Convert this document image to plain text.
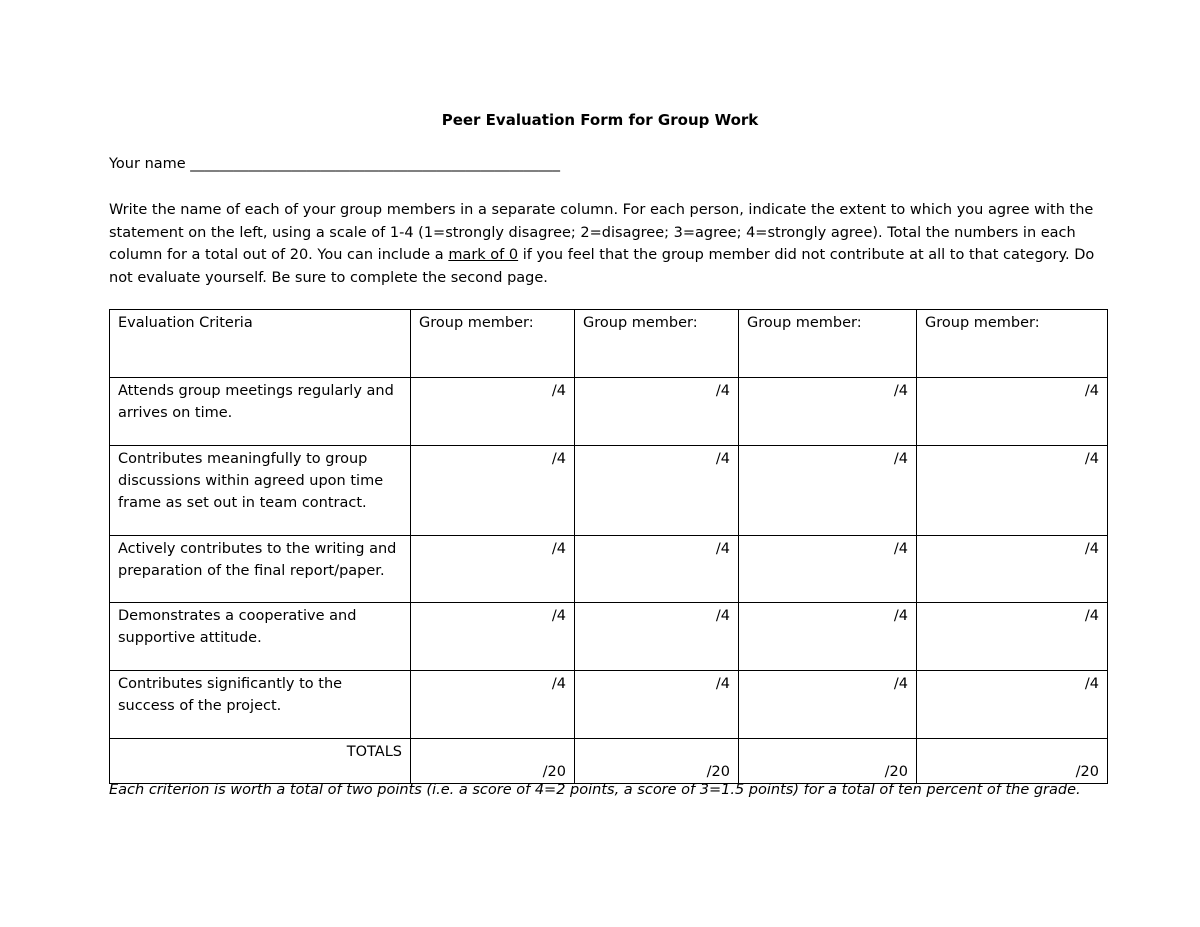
Peer Evaluation Form for Group Work
Your name ___________________________________________________
Write the name of each of your group members in a separate column. For each person, indicate the extent to which you agree with the statement on the left, using a scale of 1-4 (1=strongly disagree; 2=disagree; 3=agree; 4=strongly agree). Total the numbers in each column for a total out of 20. You can include a mark of 0 if you feel that the group member did not contribute at all to that category. Do not evaluate yourself. Be sure to complete the second page.
Evaluation Criteria	Group member:	Group member:	Group member:	Group member:
Attends group meetings regularly and arrives on time.	/4	/4	/4	/4
Contributes meaningfully to group discussions within agreed upon time frame as set out in team contract.	/4	/4	/4	/4
Actively contributes to the writing and preparation of the final report/paper.	/4	/4	/4	/4
Demonstrates a cooperative and supportive attitude.	/4	/4	/4	/4
Contributes significantly to the success of the project.	/4	/4	/4	/4
TOTALS	/20	/20	/20	/20
Each criterion is worth a total of two points (i.e. a score of 4=2 points, a score of 3=1.5 points) for a total of ten percent of the grade.
